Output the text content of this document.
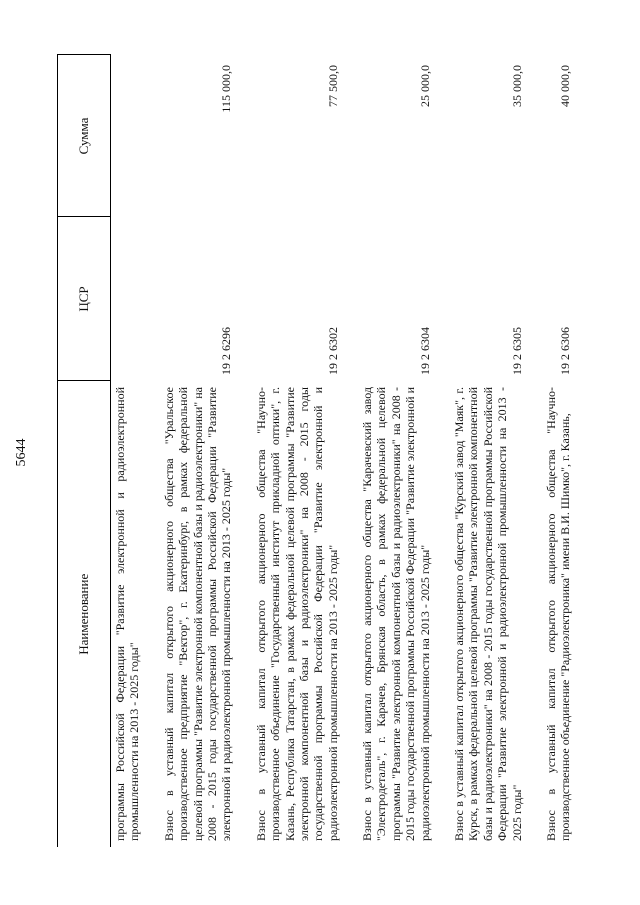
5644
Наименование	ЦСР	Сумма
программы Российской Федерации "Развитие электронной и радиоэлектронной промышленности на 2013 - 2025 годы"		
Взнос в уставный капитал открытого акционерного общества "Уральское производственное предприятие "Вектор", г. Екатеринбург, в рамках федеральной целевой программы "Развитие электронной компонентной базы и радиоэлектроники" на 2008 - 2015 годы государственной программы Российской Федерации "Развитие электронной и радиоэлектронной промышленности на 2013 - 2025 годы"	19 2 6296	115 000,0
Взнос в уставный капитал открытого акционерного общества "Научно-производственное объединение "Государственный институт прикладной оптики", г. Казань, Республика Татарстан, в рамках федеральной целевой программы "Развитие электронной компонентной базы и радиоэлектроники" на 2008 - 2015 годы государственной программы Российской Федерации "Развитие электронной и радиоэлектронной промышленности на 2013 - 2025 годы"	19 2 6302	77 500,0
Взнос в уставный капитал открытого акционерного общества "Карачевский завод "Электродеталь", г. Карачев, Брянская область, в рамках федеральной целевой программы "Развитие электронной компонентной базы и радиоэлектроники" на 2008 - 2015 годы государственной программы Российской Федерации "Развитие электронной и радиоэлектронной промышленности на 2013 - 2025 годы"	19 2 6304	25 000,0
Взнос в уставный капитал открытого акционерного общества "Курский завод "Маяк", г. Курск, в рамках федеральной целевой программы "Развитие электронной компонентной базы и радиоэлектроники" на 2008 - 2015 годы государственной программы Российской Федерации "Развитие электронной и радиоэлектронной промышленности на 2013 - 2025 годы"	19 2 6305	35 000,0
Взнос в уставный капитал открытого акционерного общества "Научно-производственное объединение "Радиоэлектроника" имени В.И. Шимко", г. Казань,	19 2 6306	40 000,0
